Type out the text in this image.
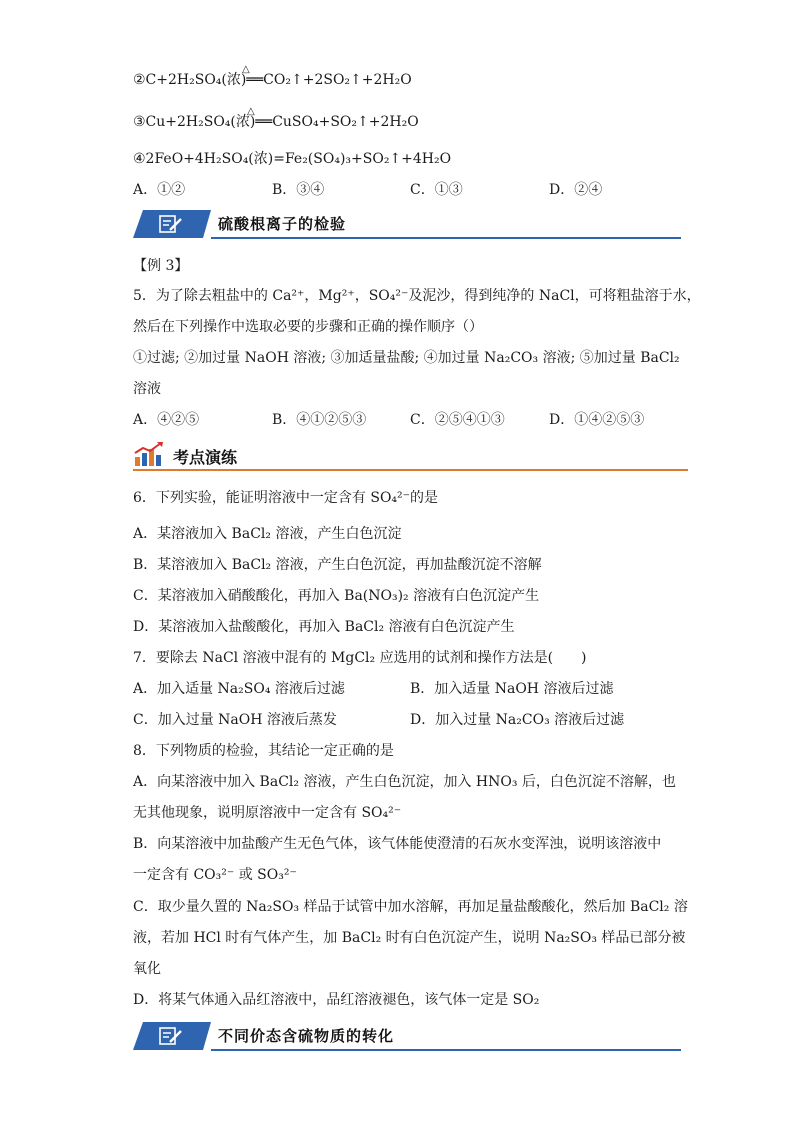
②C+2H₂SO₄(浓)══CO₂↑+2SO₂↑+2H₂O
△
③Cu+2H₂SO₄(浓)══CuSO₄+SO₂↑+2H₂O
△
④2FeO+4H₂SO₄(浓)=Fe₂(SO₄)₃+SO₂↑+4H₂O
A．①②	B．③④	C．①③	D．②④
硫酸根离子的检验
【例 3】
5．为了除去粗盐中的 Ca²⁺，Mg²⁺，SO₄²⁻及泥沙，得到纯净的 NaCl，可将粗盐溶于水，
然后在下列操作中选取必要的步骤和正确的操作顺序（）
①过滤; ②加过量 NaOH 溶液; ③加适量盐酸; ④加过量 Na₂CO₃ 溶液; ⑤加过量 BaCl₂
溶液
A．④②⑤	B．④①②⑤③	C．②⑤④①③	D．①④②⑤③
考点演练
6．下列实验，能证明溶液中一定含有 SO₄²⁻的是
A．某溶液加入 BaCl₂ 溶液，产生白色沉淀
B．某溶液加入 BaCl₂ 溶液，产生白色沉淀，再加盐酸沉淀不溶解
C．某溶液加入硝酸酸化，再加入 Ba(NO₃)₂ 溶液有白色沉淀产生
D．某溶液加入盐酸酸化，再加入 BaCl₂ 溶液有白色沉淀产生
7．要除去 NaCl 溶液中混有的 MgCl₂ 应选用的试剂和操作方法是(　　)
A．加入适量 Na₂SO₄ 溶液后过滤	B．加入适量 NaOH 溶液后过滤
C．加入过量 NaOH 溶液后蒸发	D．加入过量 Na₂CO₃ 溶液后过滤
8．下列物质的检验，其结论一定正确的是
A．向某溶液中加入 BaCl₂ 溶液，产生白色沉淀，加入 HNO₃ 后，白色沉淀不溶解，也
无其他现象，说明原溶液中一定含有 SO₄²⁻
B．向某溶液中加盐酸产生无色气体，该气体能使澄清的石灰水变浑浊，说明该溶液中
一定含有 CO₃²⁻ 或 SO₃²⁻
C．取少量久置的 Na₂SO₃ 样品于试管中加水溶解，再加足量盐酸酸化，然后加 BaCl₂ 溶
液，若加 HCl 时有气体产生，加 BaCl₂ 时有白色沉淀产生，说明 Na₂SO₃ 样品已部分被
氧化
D．将某气体通入品红溶液中，品红溶液褪色，该气体一定是 SO₂
不同价态含硫物质的转化
